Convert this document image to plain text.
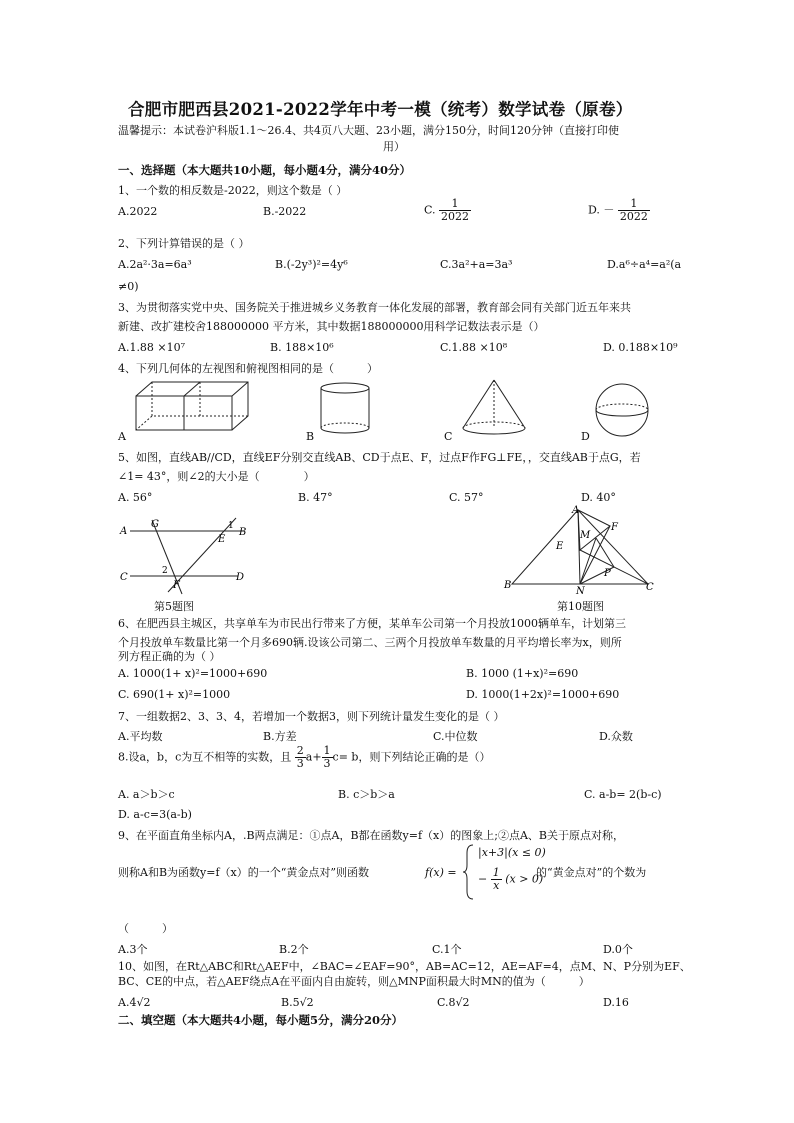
合肥市肥西县2021-2022学年中考一模（统考）数学试卷（原卷）
温馨提示：本试卷沪科版1.1～26.4、共4页八大题、23小题，满分150分，时间120分钟（直接打印使
用）
一、选择题（本大题共10小题，每小题4分，满分40分）
1、一个数的相反数是-2022，则这个数是（ ）
A.2022	B.-2022	C. $\frac{1}{2022}$	D. － $\frac{1}{2022}$
2、下列计算错误的是（ ）
A.2a²·3a=6a³	B.(-2y³)²=4y⁶	C.3a²+a=3a³	D.a⁶÷a⁴=a²(a
≠0)
3、为贯彻落实党中央、国务院关于推进城乡义务教育一体化发展的部署，教育部会同有关部门近五年来共
新建、改扩建校舍188000000 平方米，其中数据188000000用科学记数法表示是（）
A.1.88 ×10⁷	B. 188×10⁶	C.1.88 ×10⁸	D. 0.188×10⁹
4、下列几何体的左视图和俯视图相同的是（　　　）
A	B	C	D
5、如图，直线AB//CD，直线EF分别交直线AB、CD于点E、F，过点F作FG⊥FE，，交直线AB于点G，若
∠1= 43°，则∠2的大小是（　　　　）
A. 56°	B. 47°	C. 57°	D. 40°
A
G	1
B
E
C
2
F
D
第5题图
A
F
M
E
P
B
N	C
第10题图
6、在肥西县主城区，共享单车为市民出行带来了方便，某单车公司第一个月投放1000辆单车，计划第三
个月投放单车数量比第一个月多690辆.设该公司第二、三两个月投放单车数量的月平均增长率为x，则所
列方程正确的为（ ）
A. 1000(1+ x)²=1000+690	B. 1000 (1+x)²=690
C. 690(1+ x)²=1000	D. 1000(1+2x)²=1000+690
7、一组数据2、3、3、4，若增加一个数据3，则下列统计量发生变化的是（ ）
A.平均数	B.方差	C.中位数	D.众数
8.设a，b，c为互不相等的实数，且 $\frac{2}{3} a+ \frac{1}{3} c= b$，则下列结论正确的是（）
A. a＞b＞c	B. c＞b＞a	C. a-b= 2(b-c)
D. a-c=3(a-b)
9、在平面直角坐标内A，.B两点满足：①点A，B都在函数y=f（x）的图象上;②点A、B关于原点对称，
则称A和B为函数y=f（x）的一个“黄金点对”则函数	f(x) =
|x+3|(x ≤ 0)
− $\frac{1}{x} (x > 0)$
的“黄金点对”的个数为
（　　　）
A.3个	B.2个	C.1个	D.0个
10、如图，在Rt△ABC和Rt△AEF中，∠BAC=∠EAF=90°，AB=AC=12，AE=AF=4，点M、N、P分别为EF、
BC、CE的中点，若△AEF绕点A在平面内自由旋转，则△MNP面积最大时MN的值为（　　　）
A.4√2	B.5√2	C.8√2	D.16
二、填空题（本大题共4小题，每小题5分，满分20分）
